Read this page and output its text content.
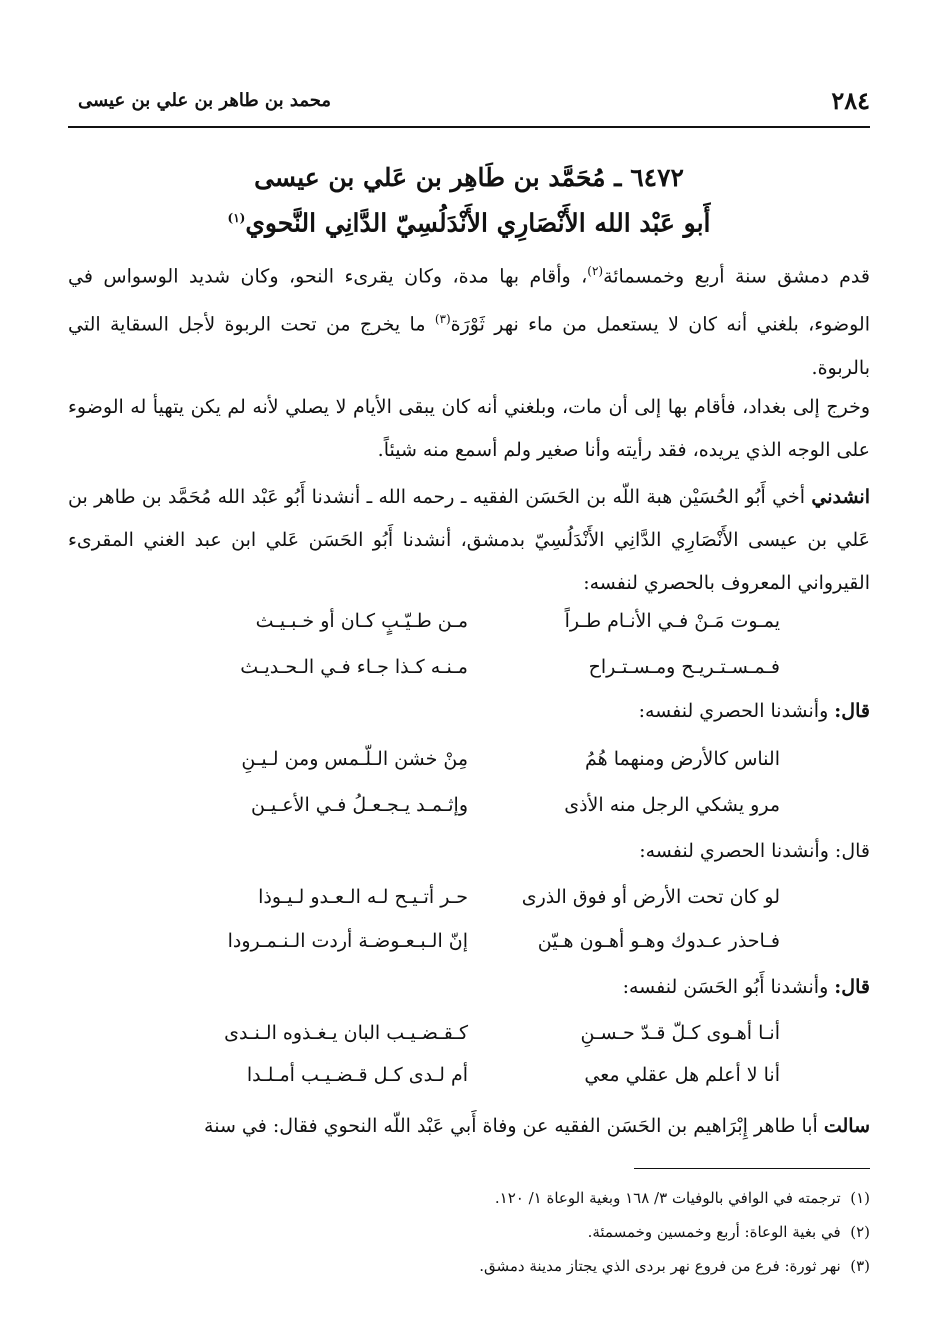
٢٨٤
محمد بن طاهر بن علي بن عيسى
٦٤٧٢ ـ مُحَمَّد بن طَاهِر بن عَلي بن عيسى
أَبو عَبْد الله الأَنْصَارِي الأَنْدَلُسِيّ الدَّانِي النَّحوي$^{(١)}$
قدم دمشق سنة أربع وخمسمائة$^{(٢)}$، وأقام بها مدة، وكان يقرىء النحو، وكان شديد الوسواس في الوضوء، بلغني أنه كان لا يستعمل من ماء نهر ثَوْرَة$^{(٣)}$ ما يخرج من تحت الربوة لأجل السقاية التي بالربوة.
وخرج إلى بغداد، فأقام بها إلى أن مات، وبلغني أنه كان يبقى الأيام لا يصلي لأنه لم يكن يتهيأ له الوضوء على الوجه الذي يريده، فقد رأيته وأنا صغير ولم أسمع منه شيئاً.
انشدني أخي أَبُو الحُسَيْن هبة اللّه بن الحَسَن الفقيه ـ رحمه الله ـ أنشدنا أَبُو عَبْد الله مُحَمَّد بن طاهر بن عَلي بن عيسى الأَنْصَارِي الدَّانِي الأَنْدَلُسِيّ بدمشق، أنشدنا أَبُو الحَسَن عَلي ابن عبد الغني المقرىء القيرواني المعروف بالحصري لنفسه:
يمـوت مَـنْ فـي الأنـام طـراً
مـن طـيّـبٍ كـان أو خـبـيـث
فـمـسـتـريـح ومـسـتـراح
مـنـه كـذا جـاء فـي الـحـديـث
قال: وأنشدنا الحصري لنفسه:
الناس كالأرض ومنهما هُمُ
مِنْ خشن الـلّـمس ومن لـيـنِ
مرو يشكي الرجل منه الأذى
وإثـمـد يـجـعـلُ فـي الأعـيـن
قال: وأنشدنا الحصري لنفسه:
لو كان تحت الأرض أو فوق الذرى
حـر أتـيـح لـه الـعـدو لـيـوذا
فـاحذر عـدوك وهـو أهـون هـيّن
إنّ الـبـعـوضـة أردت الـنـمـرودا
قال: وأنشدنا أَبُو الحَسَن لنفسه:
أنـا أهـوى كـلّ قـدّ حـسـنِ
كـقـضـيـب البان يـغـذوه الـنـدى
أنا لا أعلم هل عقلي معي
أم لـدى كـل قـضـيـب أمـلـدا
سالت أبا طاهر إِبْرَاهيم بن الحَسَن الفقيه عن وفاة أَبي عَبْد اللّه النحوي فقال: في سنة
(١)  ترجمته في الوافي بالوفيات ٣/ ١٦٨ وبغية الوعاة ١/ ١٢٠.
(٢)  في بغية الوعاة: أربع وخمسين وخمسمئة.
(٣)  نهر ثورة: فرع من فروع نهر بردى الذي يجتاز مدينة دمشق.
